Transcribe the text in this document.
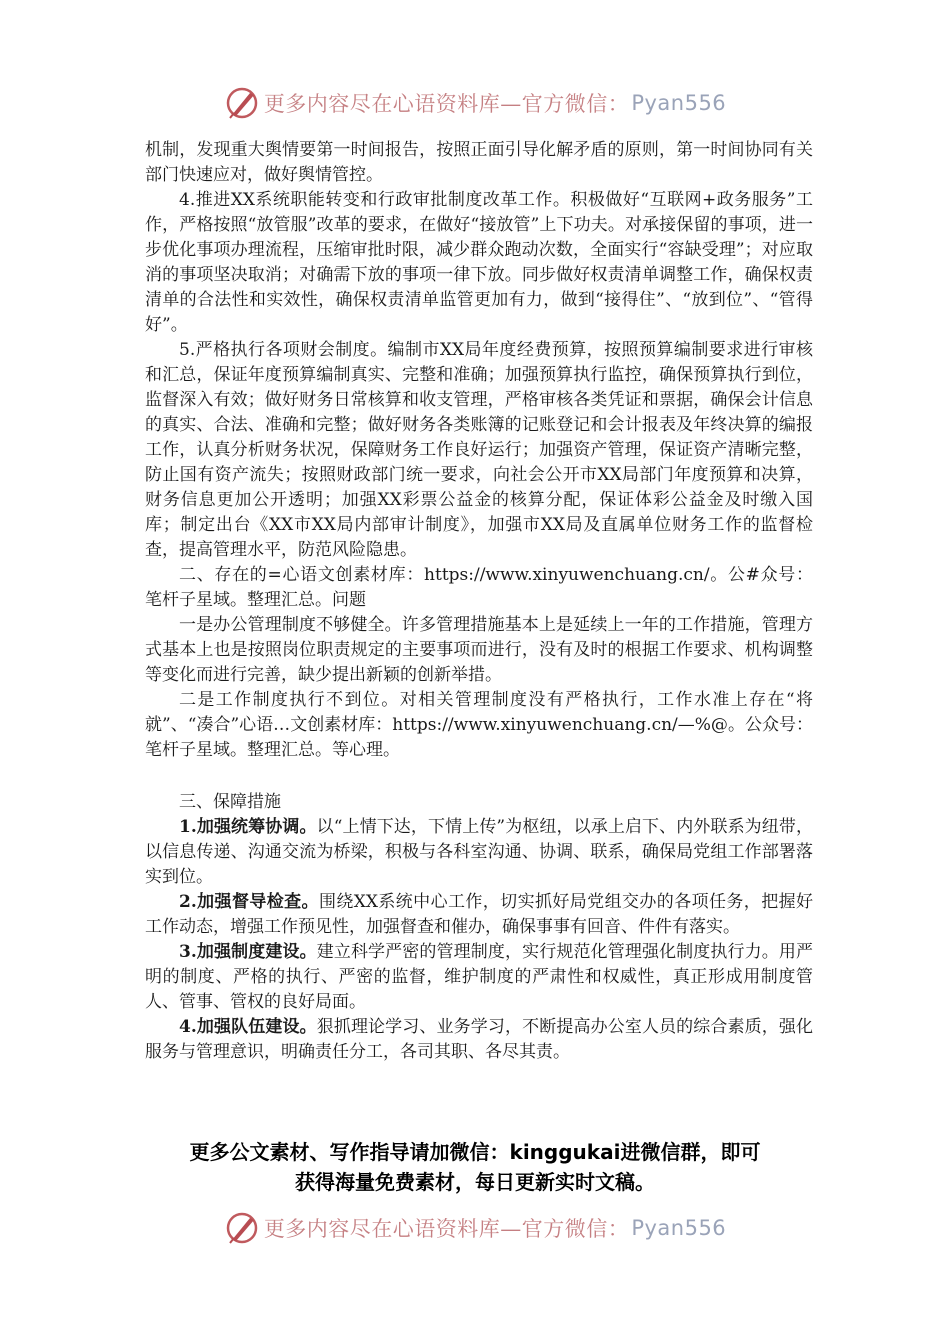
更多内容尽在心语资料库—官方微信： Pyan556

机制，发现重大舆情要第一时间报告，按照正面引导化解矛盾的原则，第一时间协同有关部门快速应对，做好舆情管控。

4.推进XX系统职能转变和行政审批制度改革工作。积极做好“互联网+政务服务”工作，严格按照“放管服”改革的要求，在做好“接放管”上下功夫。对承接保留的事项，进一步优化事项办理流程，压缩审批时限，减少群众跑动次数，全面实行“容缺受理”；对应取消的事项坚决取消；对确需下放的事项一律下放。同步做好权责清单调整工作，确保权责清单的合法性和实效性，确保权责清单监管更加有力，做到“接得住”、“放到位”、“管得好”。

5.严格执行各项财会制度。编制市XX局年度经费预算，按照预算编制要求进行审核和汇总，保证年度预算编制真实、完整和准确；加强预算执行监控，确保预算执行到位，监督深入有效；做好财务日常核算和收支管理，严格审核各类凭证和票据，确保会计信息的真实、合法、准确和完整；做好财务各类账簿的记账登记和会计报表及年终决算的编报工作，认真分析财务状况，保障财务工作良好运行；加强资产管理，保证资产清晰完整，防止国有资产流失；按照财政部门统一要求，向社会公开市XX局部门年度预算和决算，财务信息更加公开透明；加强XX彩票公益金的核算分配，保证体彩公益金及时缴入国库；制定出台《XX市XX局内部审计制度》，加强市XX局及直属单位财务工作的监督检查，提高管理水平，防范风险隐患。

二、存在的=心语文创素材库：https://www.xinyuwenchuang.cn/。公#众号：笔杆子星域。整理汇总。问题

一是办公管理制度不够健全。许多管理措施基本上是延续上一年的工作措施，管理方式基本上也是按照岗位职责规定的主要事项而进行，没有及时的根据工作要求、机构调整等变化而进行完善，缺少提出新颖的创新举措。

二是工作制度执行不到位。对相关管理制度没有严格执行，工作水准上存在“将就”、“凑合”心语…文创素材库：https://www.xinyuwenchuang.cn/—%@。公众号：笔杆子星域。整理汇总。等心理。

三、保障措施

1.加强统筹协调。以“上情下达，下情上传”为枢纽，以承上启下、内外联系为纽带，以信息传递、沟通交流为桥梁，积极与各科室沟通、协调、联系，确保局党组工作部署落实到位。

2.加强督导检查。围绕XX系统中心工作，切实抓好局党组交办的各项任务，把握好工作动态，增强工作预见性，加强督查和催办，确保事事有回音、件件有落实。

3.加强制度建设。建立科学严密的管理制度，实行规范化管理强化制度执行力。用严明的制度、严格的执行、严密的监督，维护制度的严肃性和权威性，真正形成用制度管人、管事、管权的良好局面。

4.加强队伍建设。狠抓理论学习、业务学习，不断提高办公室人员的综合素质，强化服务与管理意识，明确责任分工，各司其职、各尽其责。

更多公文素材、写作指导请加微信：kinggukai进微信群，即可
获得海量免费素材，每日更新实时文稿。
更多内容尽在心语资料库—官方微信： Pyan556
